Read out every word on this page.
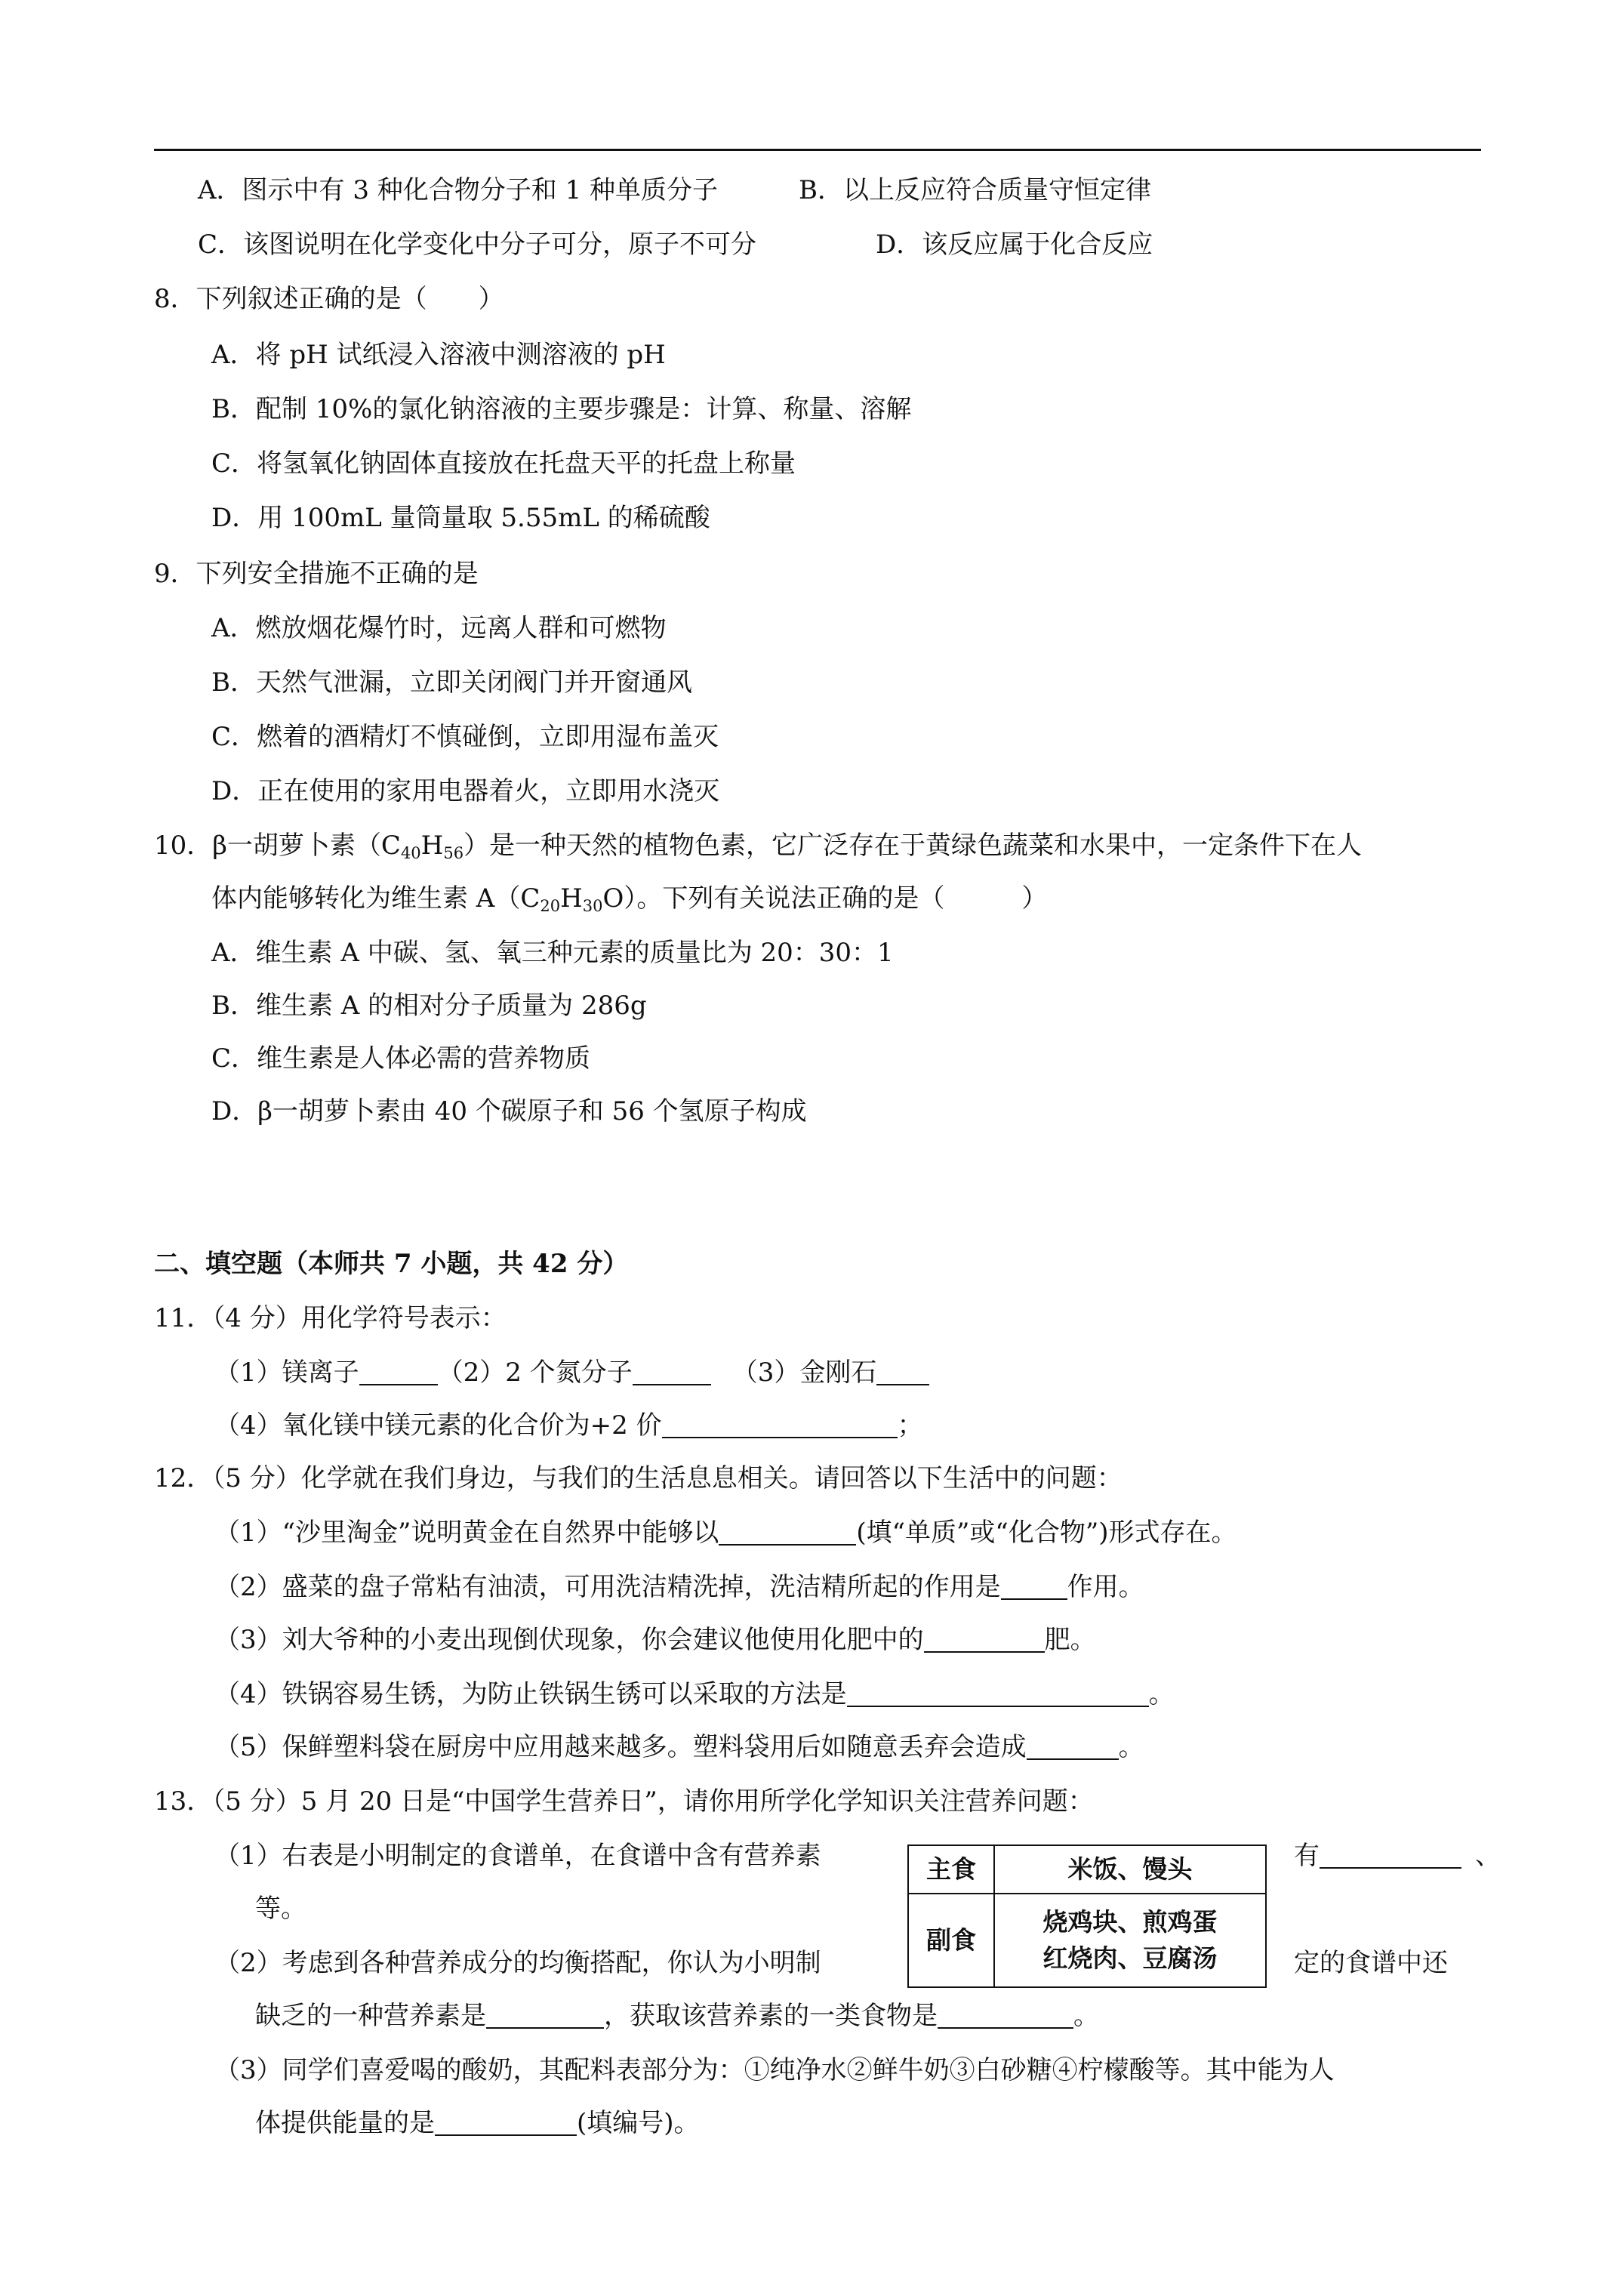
A．图示中有 3 种化合物分子和 1 种单质分子	B．以上反应符合质量守恒定律
C．该图说明在化学变化中分子可分，原子不可分	D．该反应属于化合反应
8．下列叙述正确的是（　　）
A．将 pH 试纸浸入溶液中测溶液的 pH
B．配制 10%的氯化钠溶液的主要步骤是：计算、称量、溶解
C．将氢氧化钠固体直接放在托盘天平的托盘上称量
D．用 100mL 量筒量取 5.55mL 的稀硫酸
9．下列安全措施不正确的是
A．燃放烟花爆竹时，远离人群和可燃物
B．天然气泄漏，立即关闭阀门并开窗通风
C．燃着的酒精灯不慎碰倒，立即用湿布盖灭
D．正在使用的家用电器着火，立即用水浇灭
10．β一胡萝卜素$(C_{40}H_{56})$是一种天然的植物色素，它广泛存在于黄绿色蔬菜和水果中，一定条件下在人
体内能够转化为维生素 $A(C_{20}H_{30}O)$。下列有关说法正确的是（　　　）
A．维生素 A 中碳、氢、氧三种元素的质量比为 20：30：1
B．维生素 A 的相对分子质量为 286g
C．维生素是人体必需的营养物质
D．β一胡萝卜素由 40 个碳原子和 56 个氢原子构成
二、填空题（本师共 7 小题，共 42 分）
11．（4 分）用化学符号表示：
（1）镁离子	（2）2 个氮分子	（3）金刚石
（4）氧化镁中镁元素的化合价为+2 价	；
12．（5 分）化学就在我们身边，与我们的生活息息相关。请回答以下生活中的问题：
（1）“沙里淘金”说明黄金在自然界中能够以	(填“单质”或“化合物”)形式存在。
（2）盛菜的盘子常粘有油渍，可用洗洁精洗掉，洗洁精所起的作用是	作用。
（3）刘大爷种的小麦出现倒伏现象，你会建议他使用化肥中的	肥。
（4）铁锅容易生锈，为防止铁锅生锈可以采取的方法是	。
（5）保鲜塑料袋在厨房中应用越来越多。塑料袋用后如随意丢弃会造成	。
13．（5 分）5 月 20 日是“中国学生营养日”，请你用所学化学知识关注营养问题：
（1）右表是小明制定的食谱单，在食谱中含有营养素	有	、
等。
（2）考虑到各种营养成分的均衡搭配，你认为小明制	定的食谱中还
缺乏的一种营养素是	，获取该营养素的一类食物是	。
（3）同学们喜爱喝的酸奶，其配料表部分为：①纯净水②鲜牛奶③白砂糖④柠檬酸等。其中能为人
体提供能量的是	(填编号)。
主食	米饭、馒头
副食	烧鸡块、煎鸡蛋
红烧肉、豆腐汤
